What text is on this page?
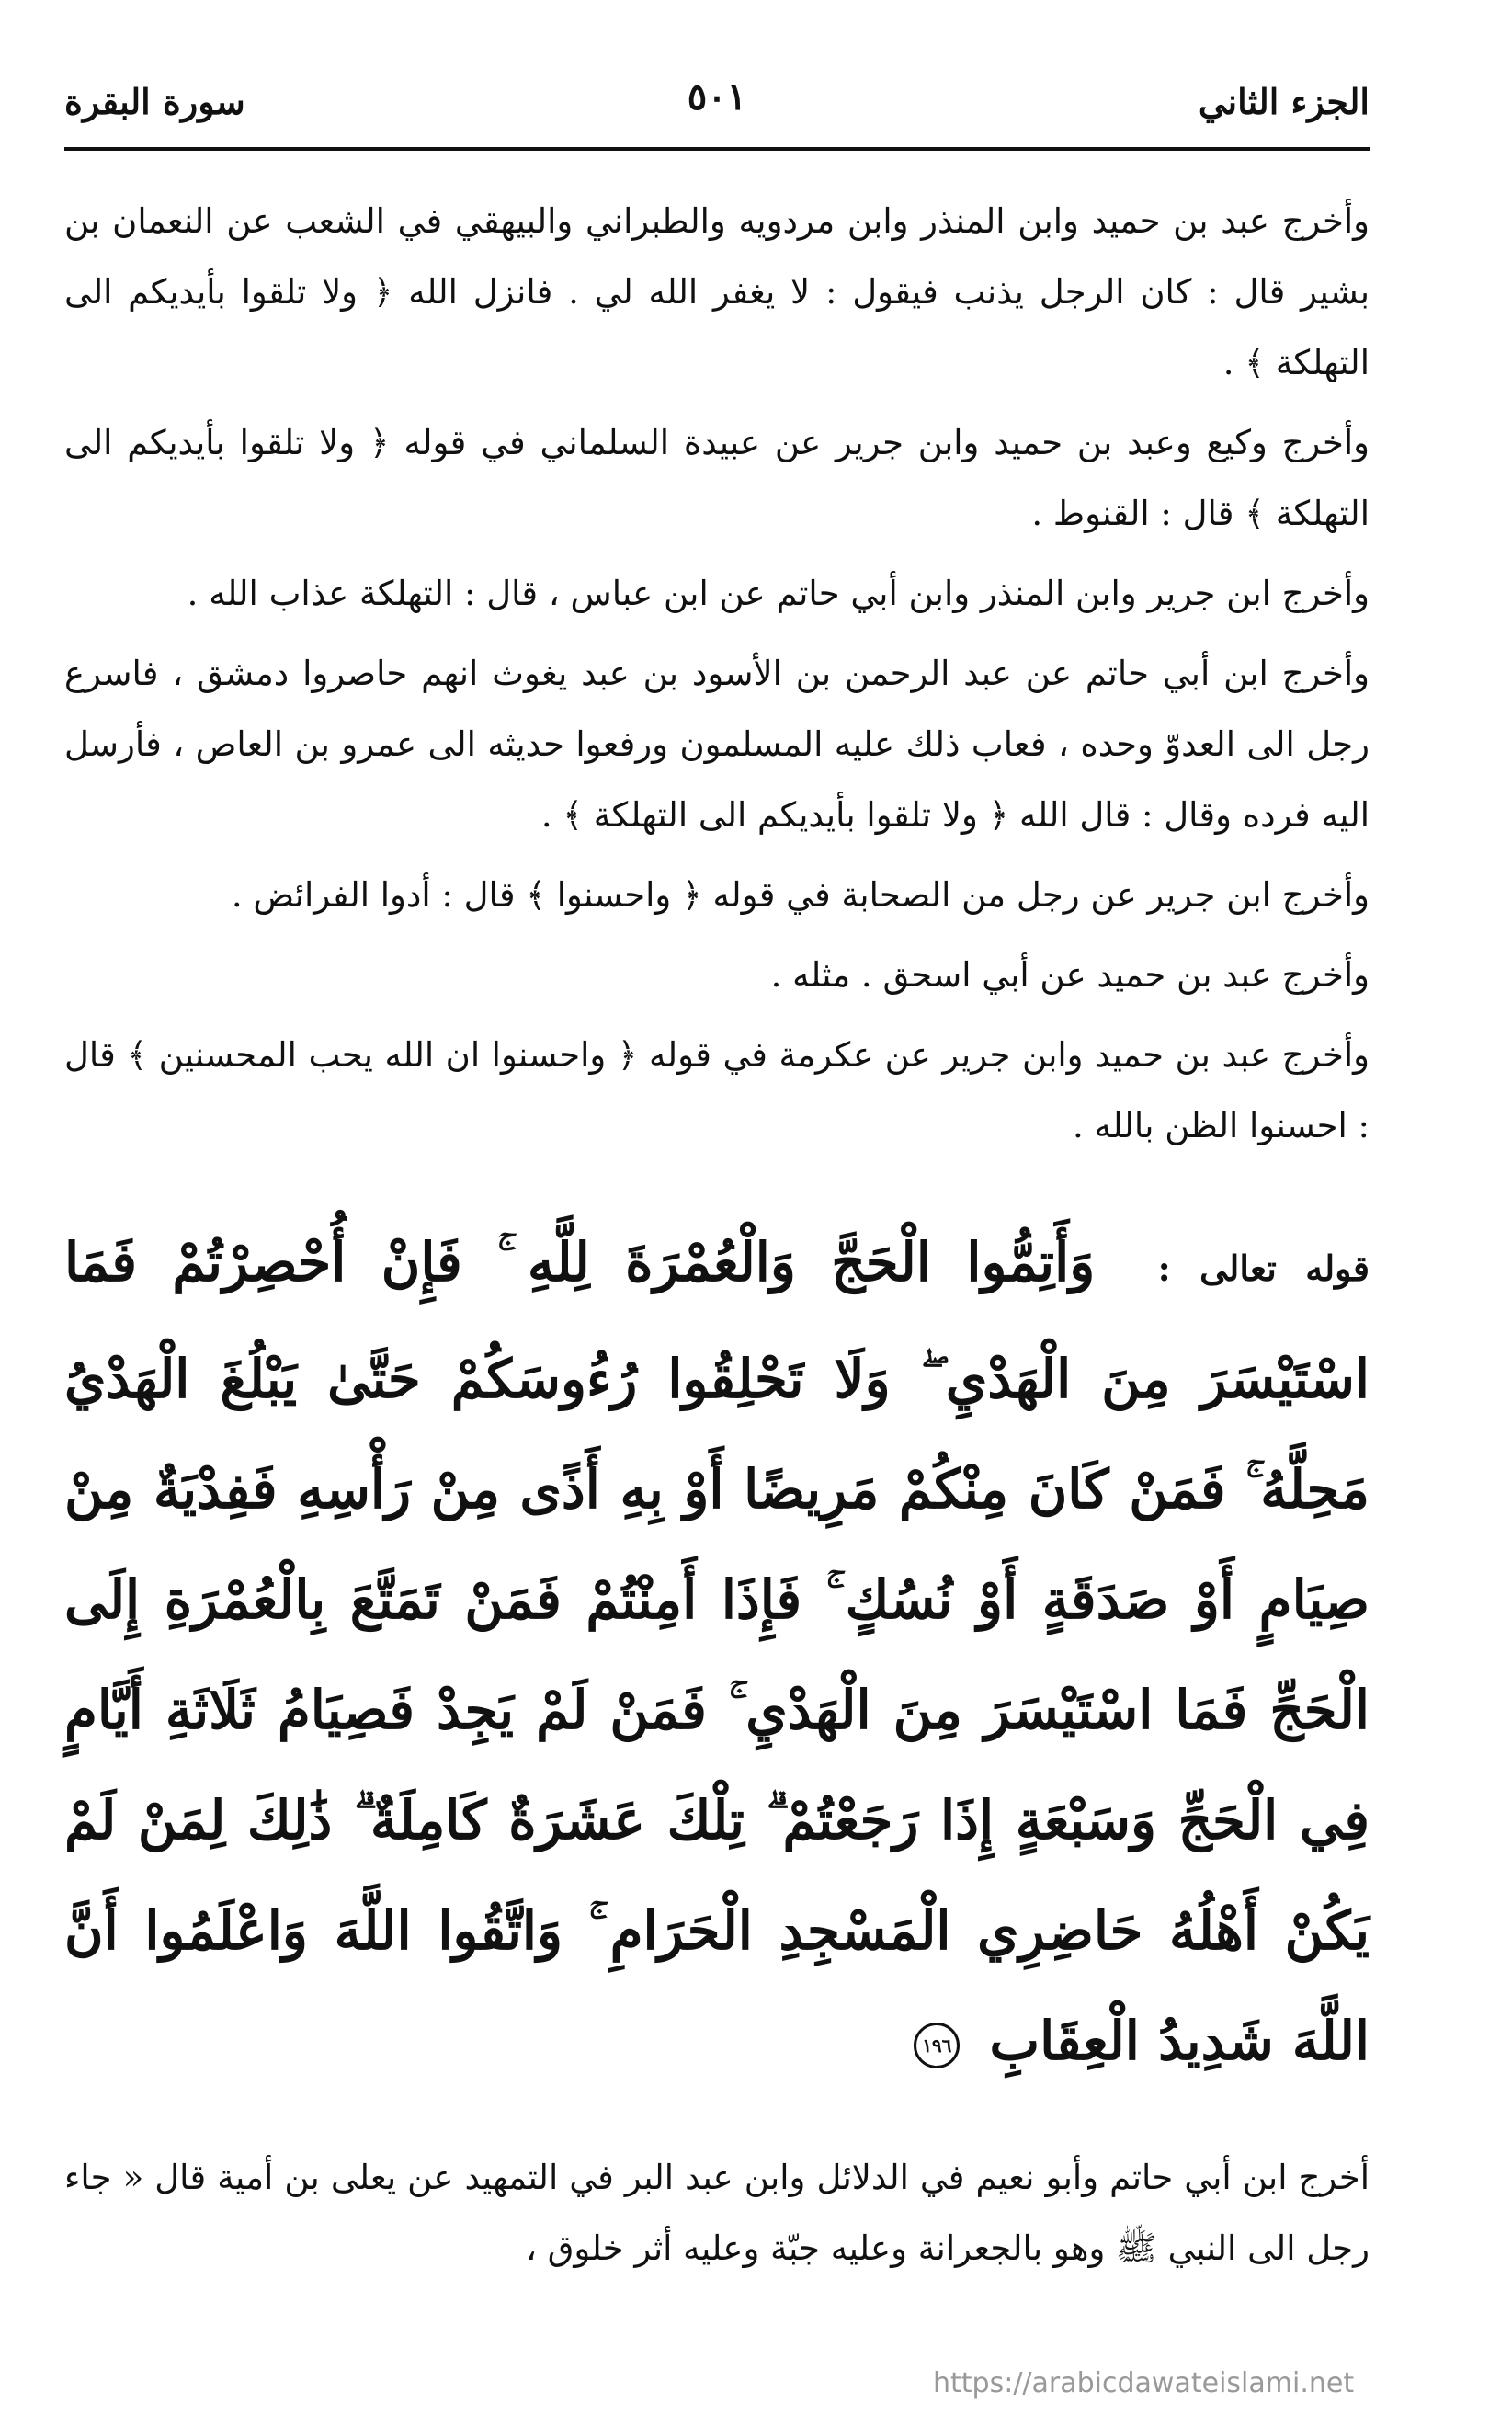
الجزء الثاني
٥٠١
سورة البقرة

وأخرج عبد بن حميد وابن المنذر وابن مردويه والطبراني والبيهقي في الشعب عن النعمان بن بشير قال : كان الرجل يذنب فيقول : لا يغفر الله لي . فانزل الله ﴿ ولا تلقوا بأيديكم الى التهلكة ﴾ .

وأخرج وكيع وعبد بن حميد وابن جرير عن عبيدة السلماني في قوله ﴿ ولا تلقوا بأيديكم الى التهلكة ﴾ قال : القنوط .

وأخرج ابن جرير وابن المنذر وابن أبي حاتم عن ابن عباس ، قال : التهلكة عذاب الله .

وأخرج ابن أبي حاتم عن عبد الرحمن بن الأسود بن عبد يغوث انهم حاصروا دمشق ، فاسرع رجل الى العدوّ وحده ، فعاب ذلك عليه المسلمون ورفعوا حديثه الى عمرو بن العاص ، فأرسل اليه فرده وقال : قال الله ﴿ ولا تلقوا بأيديكم الى التهلكة ﴾ .

وأخرج ابن جرير عن رجل من الصحابة في قوله ﴿ واحسنوا ﴾ قال : أدوا الفرائض .

وأخرج عبد بن حميد عن أبي اسحق . مثله .

وأخرج عبد بن حميد وابن جرير عن عكرمة في قوله ﴿ واحسنوا ان الله يحب المحسنين ﴾ قال : احسنوا الظن بالله .

قوله تعالى : وَأَتِمُّوا الْحَجَّ وَالْعُمْرَةَ لِلَّهِ ۚ فَإِنْ أُحْصِرْتُمْ فَمَا اسْتَيْسَرَ مِنَ الْهَدْيِ ۖ وَلَا تَحْلِقُوا رُءُوسَكُمْ حَتَّىٰ يَبْلُغَ الْهَدْيُ مَحِلَّهُ ۚ فَمَنْ كَانَ مِنْكُمْ مَرِيضًا أَوْ بِهِ أَذًى مِنْ رَأْسِهِ فَفِدْيَةٌ مِنْ صِيَامٍ أَوْ صَدَقَةٍ أَوْ نُسُكٍ ۚ فَإِذَا أَمِنْتُمْ فَمَنْ تَمَتَّعَ بِالْعُمْرَةِ إِلَى الْحَجِّ فَمَا اسْتَيْسَرَ مِنَ الْهَدْيِ ۚ فَمَنْ لَمْ يَجِدْ فَصِيَامُ ثَلَاثَةِ أَيَّامٍ فِي الْحَجِّ وَسَبْعَةٍ إِذَا رَجَعْتُمْ ۗ تِلْكَ عَشَرَةٌ كَامِلَةٌ ۗ ذَٰلِكَ لِمَنْ لَمْ يَكُنْ أَهْلُهُ حَاضِرِي الْمَسْجِدِ الْحَرَامِ ۚ وَاتَّقُوا اللَّهَ وَاعْلَمُوا أَنَّ اللَّهَ شَدِيدُ الْعِقَابِ ١٩٦
أخرج ابن أبي حاتم وأبو نعيم في الدلائل وابن عبد البر في التمهيد عن يعلى بن أمية قال « جاء رجل الى النبي ﷺ وهو بالجعرانة وعليه جبّة وعليه أثر خلوق ،
https://arabicdawateislami.net
